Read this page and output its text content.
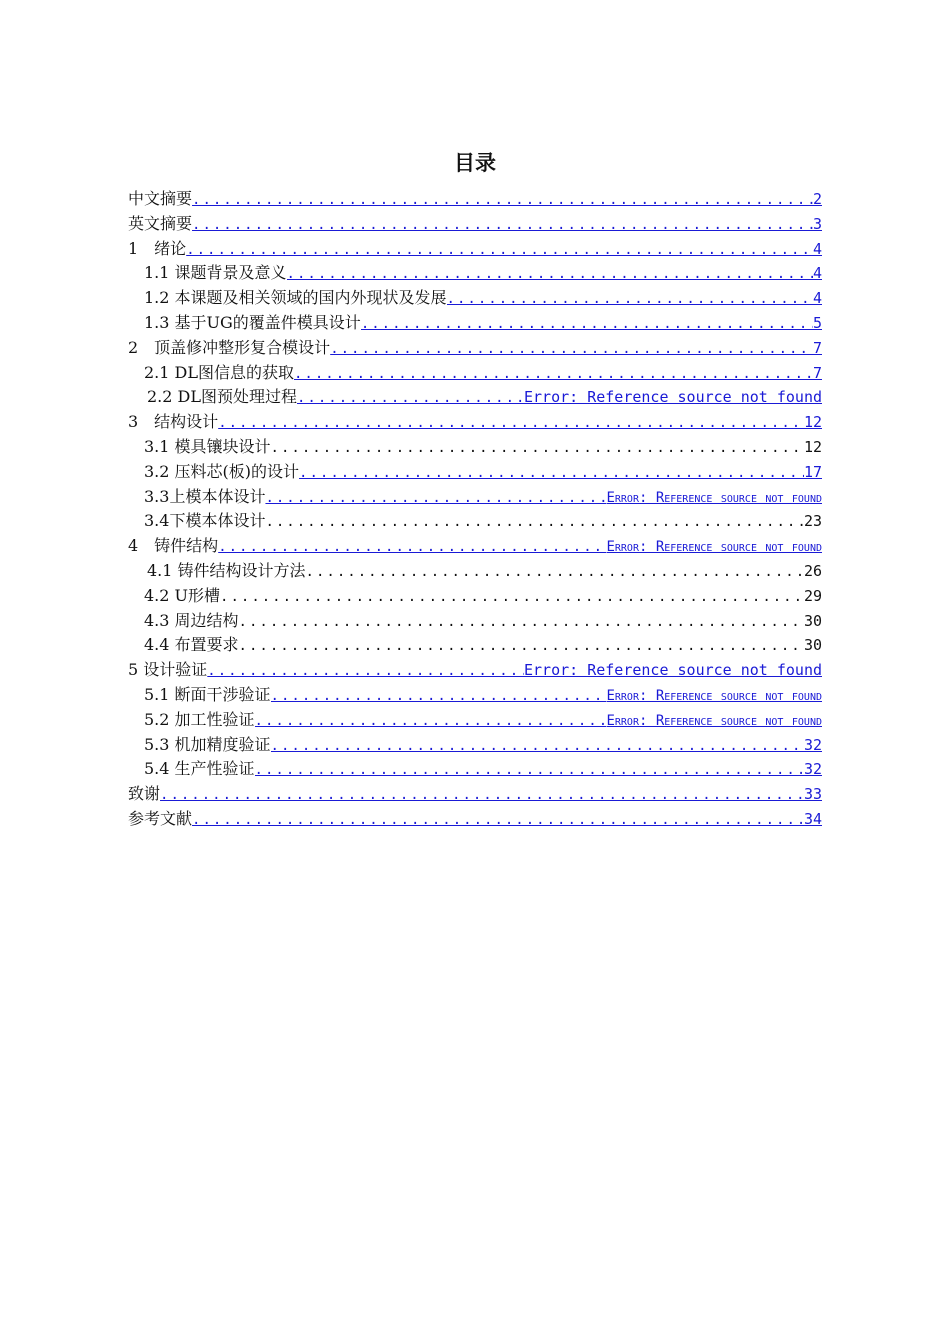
目录
中文摘要 .....	2
英文摘要 .....	3
1　绪论 .....	4
1.1 课题背景及意义 .....	4
1.2 本课题及相关领域的国内外现状及发展 .....	4
1.3 基于UG的覆盖件模具设计 .....	5
2　顶盖修冲整形复合模设计 .....	7
2.1 DL图信息的获取 .....	7
2.2 DL图预处理过程 .....	Error: Reference source not found
3　结构设计 .....	12
3.1 模具镶块设计 .....	12
3.2 压料芯(板)的设计 .....	17
3.3上模本体设计 .....	Error: Reference source not found
3.4下模本体设计 .....	23
4　铸件结构 .....	Error: Reference source not found
4.1 铸件结构设计方法 .....	26
4.2 U形槽 .....	29
4.3 周边结构 .....	30
4.4 布置要求 .....	30
5 设计验证 .....	Error: Reference source not found
5.1 断面干涉验证 .....	Error: Reference source not found
5.2 加工性验证 .....	Error: Reference source not found
5.3 机加精度验证 .....	32
5.4 生产性验证 .....	32
致谢 .....	33
参考文献 .....	34
